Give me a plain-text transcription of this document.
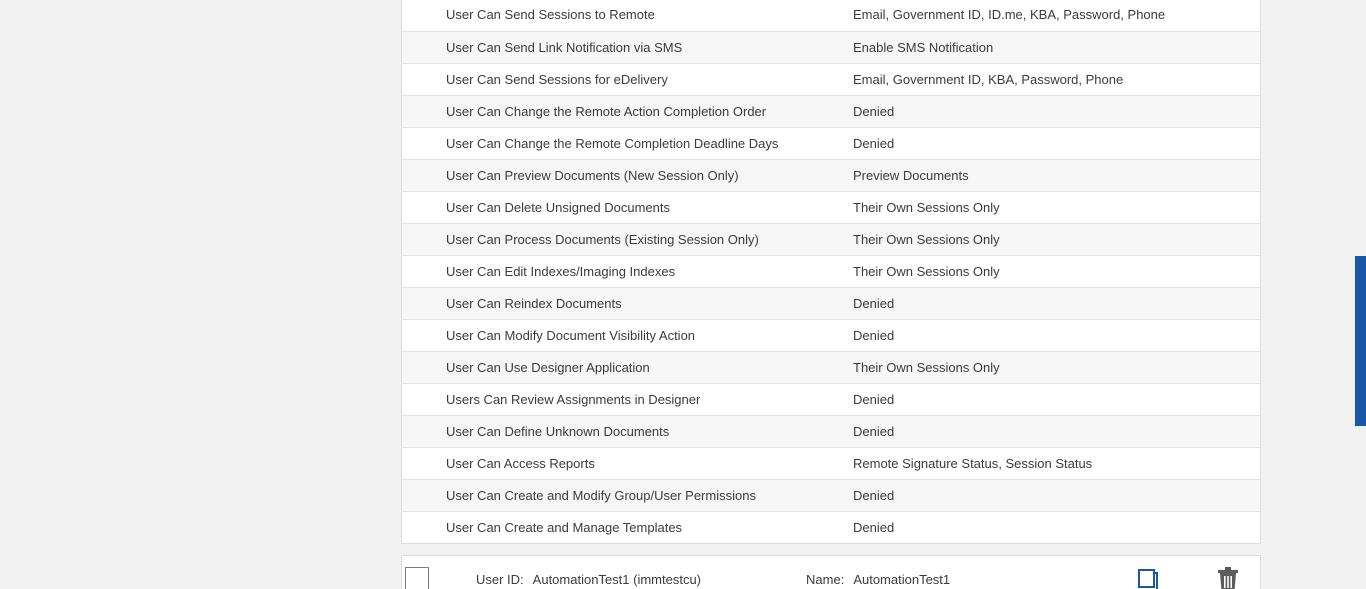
User Can Send Sessions to Remote	Email, Government ID, ID.me, KBA, Password, Phone
User Can Send Link Notification via SMS	Enable SMS Notification
User Can Send Sessions for eDelivery	Email, Government ID, KBA, Password, Phone
User Can Change the Remote Action Completion Order	Denied
User Can Change the Remote Completion Deadline Days	Denied
User Can Preview Documents (New Session Only)	Preview Documents
User Can Delete Unsigned Documents	Their Own Sessions Only
User Can Process Documents (Existing Session Only)	Their Own Sessions Only
User Can Edit Indexes/Imaging Indexes	Their Own Sessions Only
User Can Reindex Documents	Denied
User Can Modify Document Visibility Action	Denied
User Can Use Designer Application	Their Own Sessions Only
Users Can Review Assignments in Designer	Denied
User Can Define Unknown Documents	Denied
User Can Access Reports	Remote Signature Status, Session Status
User Can Create and Modify Group/User Permissions	Denied
User Can Create and Manage Templates	Denied
User ID: AutomationTest1 (immtestcu)	Name: AutomationTest1
